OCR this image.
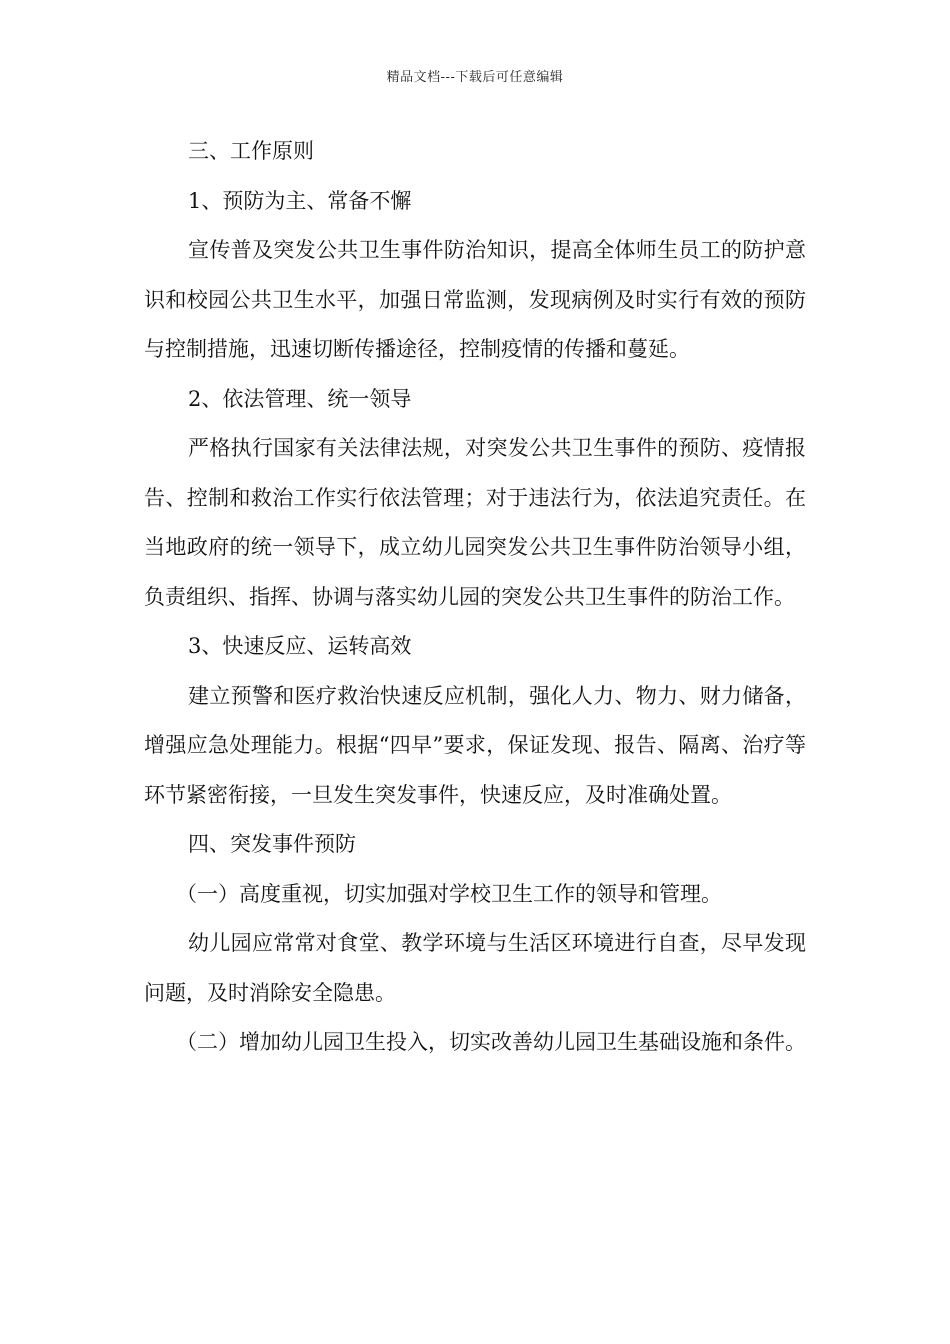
精品文档---下载后可任意编辑

三、工作原则

1、预防为主、常备不懈

宣传普及突发公共卫生事件防治知识，提高全体师生员工的防护意识和校园公共卫生水平，加强日常监测，发现病例及时实行有效的预防与控制措施，迅速切断传播途径，控制疫情的传播和蔓延。

2、依法管理、统一领导

严格执行国家有关法律法规，对突发公共卫生事件的预防、疫情报告、控制和救治工作实行依法管理；对于违法行为，依法追究责任。在当地政府的统一领导下，成立幼儿园突发公共卫生事件防治领导小组，负责组织、指挥、协调与落实幼儿园的突发公共卫生事件的防治工作。

3、快速反应、运转高效

建立预警和医疗救治快速反应机制，强化人力、物力、财力储备，增强应急处理能力。根据“四早”要求，保证发现、报告、隔离、治疗等环节紧密衔接，一旦发生突发事件，快速反应，及时准确处置。

四、突发事件预防

（一）高度重视，切实加强对学校卫生工作的领导和管理。

幼儿园应常常对食堂、教学环境与生活区环境进行自查，尽早发现问题，及时消除安全隐患。

（二）增加幼儿园卫生投入，切实改善幼儿园卫生基础设施和条件。
